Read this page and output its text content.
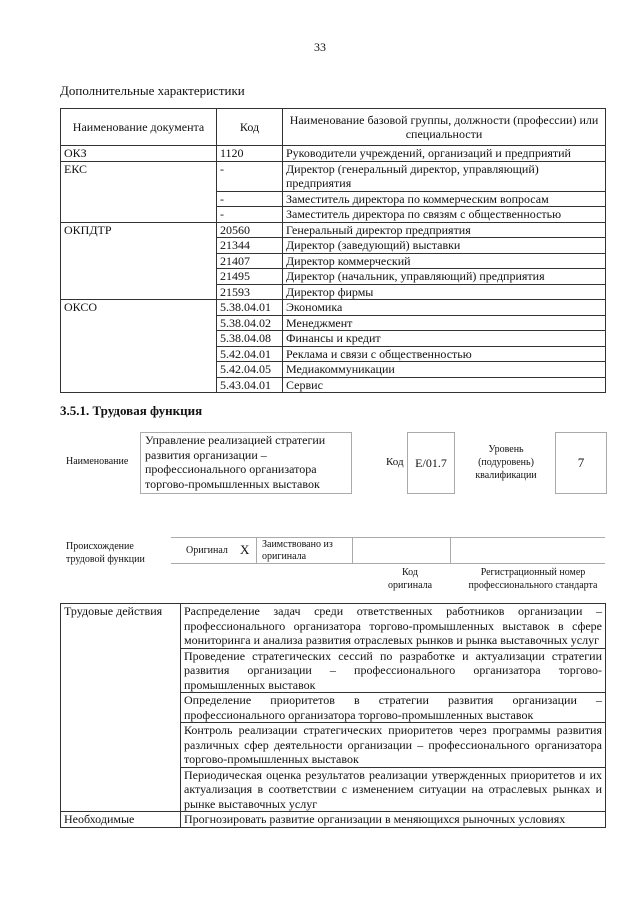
33
Дополнительные характеристики
Наименование документа	Код	Наименование базовой группы, должности (профессии) или специальности
ОКЗ	1120	Руководители учреждений, организаций и предприятий
ЕКС	-	Директор (генеральный директор, управляющий) предприятия
	-	Заместитель директора по коммерческим вопросам
	-	Заместитель директора по связям с общественностью
ОКПДТР	20560	Генеральный директор предприятия
	21344	Директор (заведующий) выставки
	21407	Директор коммерческий
	21495	Директор (начальник, управляющий) предприятия
	21593	Директор фирмы
ОКСО	5.38.04.01	Экономика
	5.38.04.02	Менеджмент
	5.38.04.08	Финансы и кредит
	5.42.04.01	Реклама и связи с общественностью
	5.42.04.05	Медиакоммуникации
	5.43.04.01	Сервис
3.5.1. Трудовая функция
Наименование
Управление реализацией стратегии развития организации – профессионального организатора торгово-промышленных выставок
Код E/01.7
Уровень (подуровень) квалификации
7
Происхождение трудовой функции
Оригинал X Заимствовано из оригинала
Код оригинала
Регистрационный номер профессионального стандарта
Трудовые действия	Распределение задач среди ответственных работников организации – профессионального организатора торгово-промышленных выставок в сфере мониторинга и анализа развития отраслевых рынков и рынка выставочных услуг
	Проведение стратегических сессий по разработке и актуализации стратегии развития организации – профессионального организатора торгово-промышленных выставок
	Определение приоритетов в стратегии развития организации – профессионального организатора торгово-промышленных выставок
	Контроль реализации стратегических приоритетов через программы развития различных сфер деятельности организации – профессионального организатора торгово-промышленных выставок
	Периодическая оценка результатов реализации утвержденных приоритетов и их актуализация в соответствии с изменением ситуации на отраслевых рынках и рынке выставочных услуг
Необходимые	Прогнозировать развитие организации в меняющихся рыночных условиях
